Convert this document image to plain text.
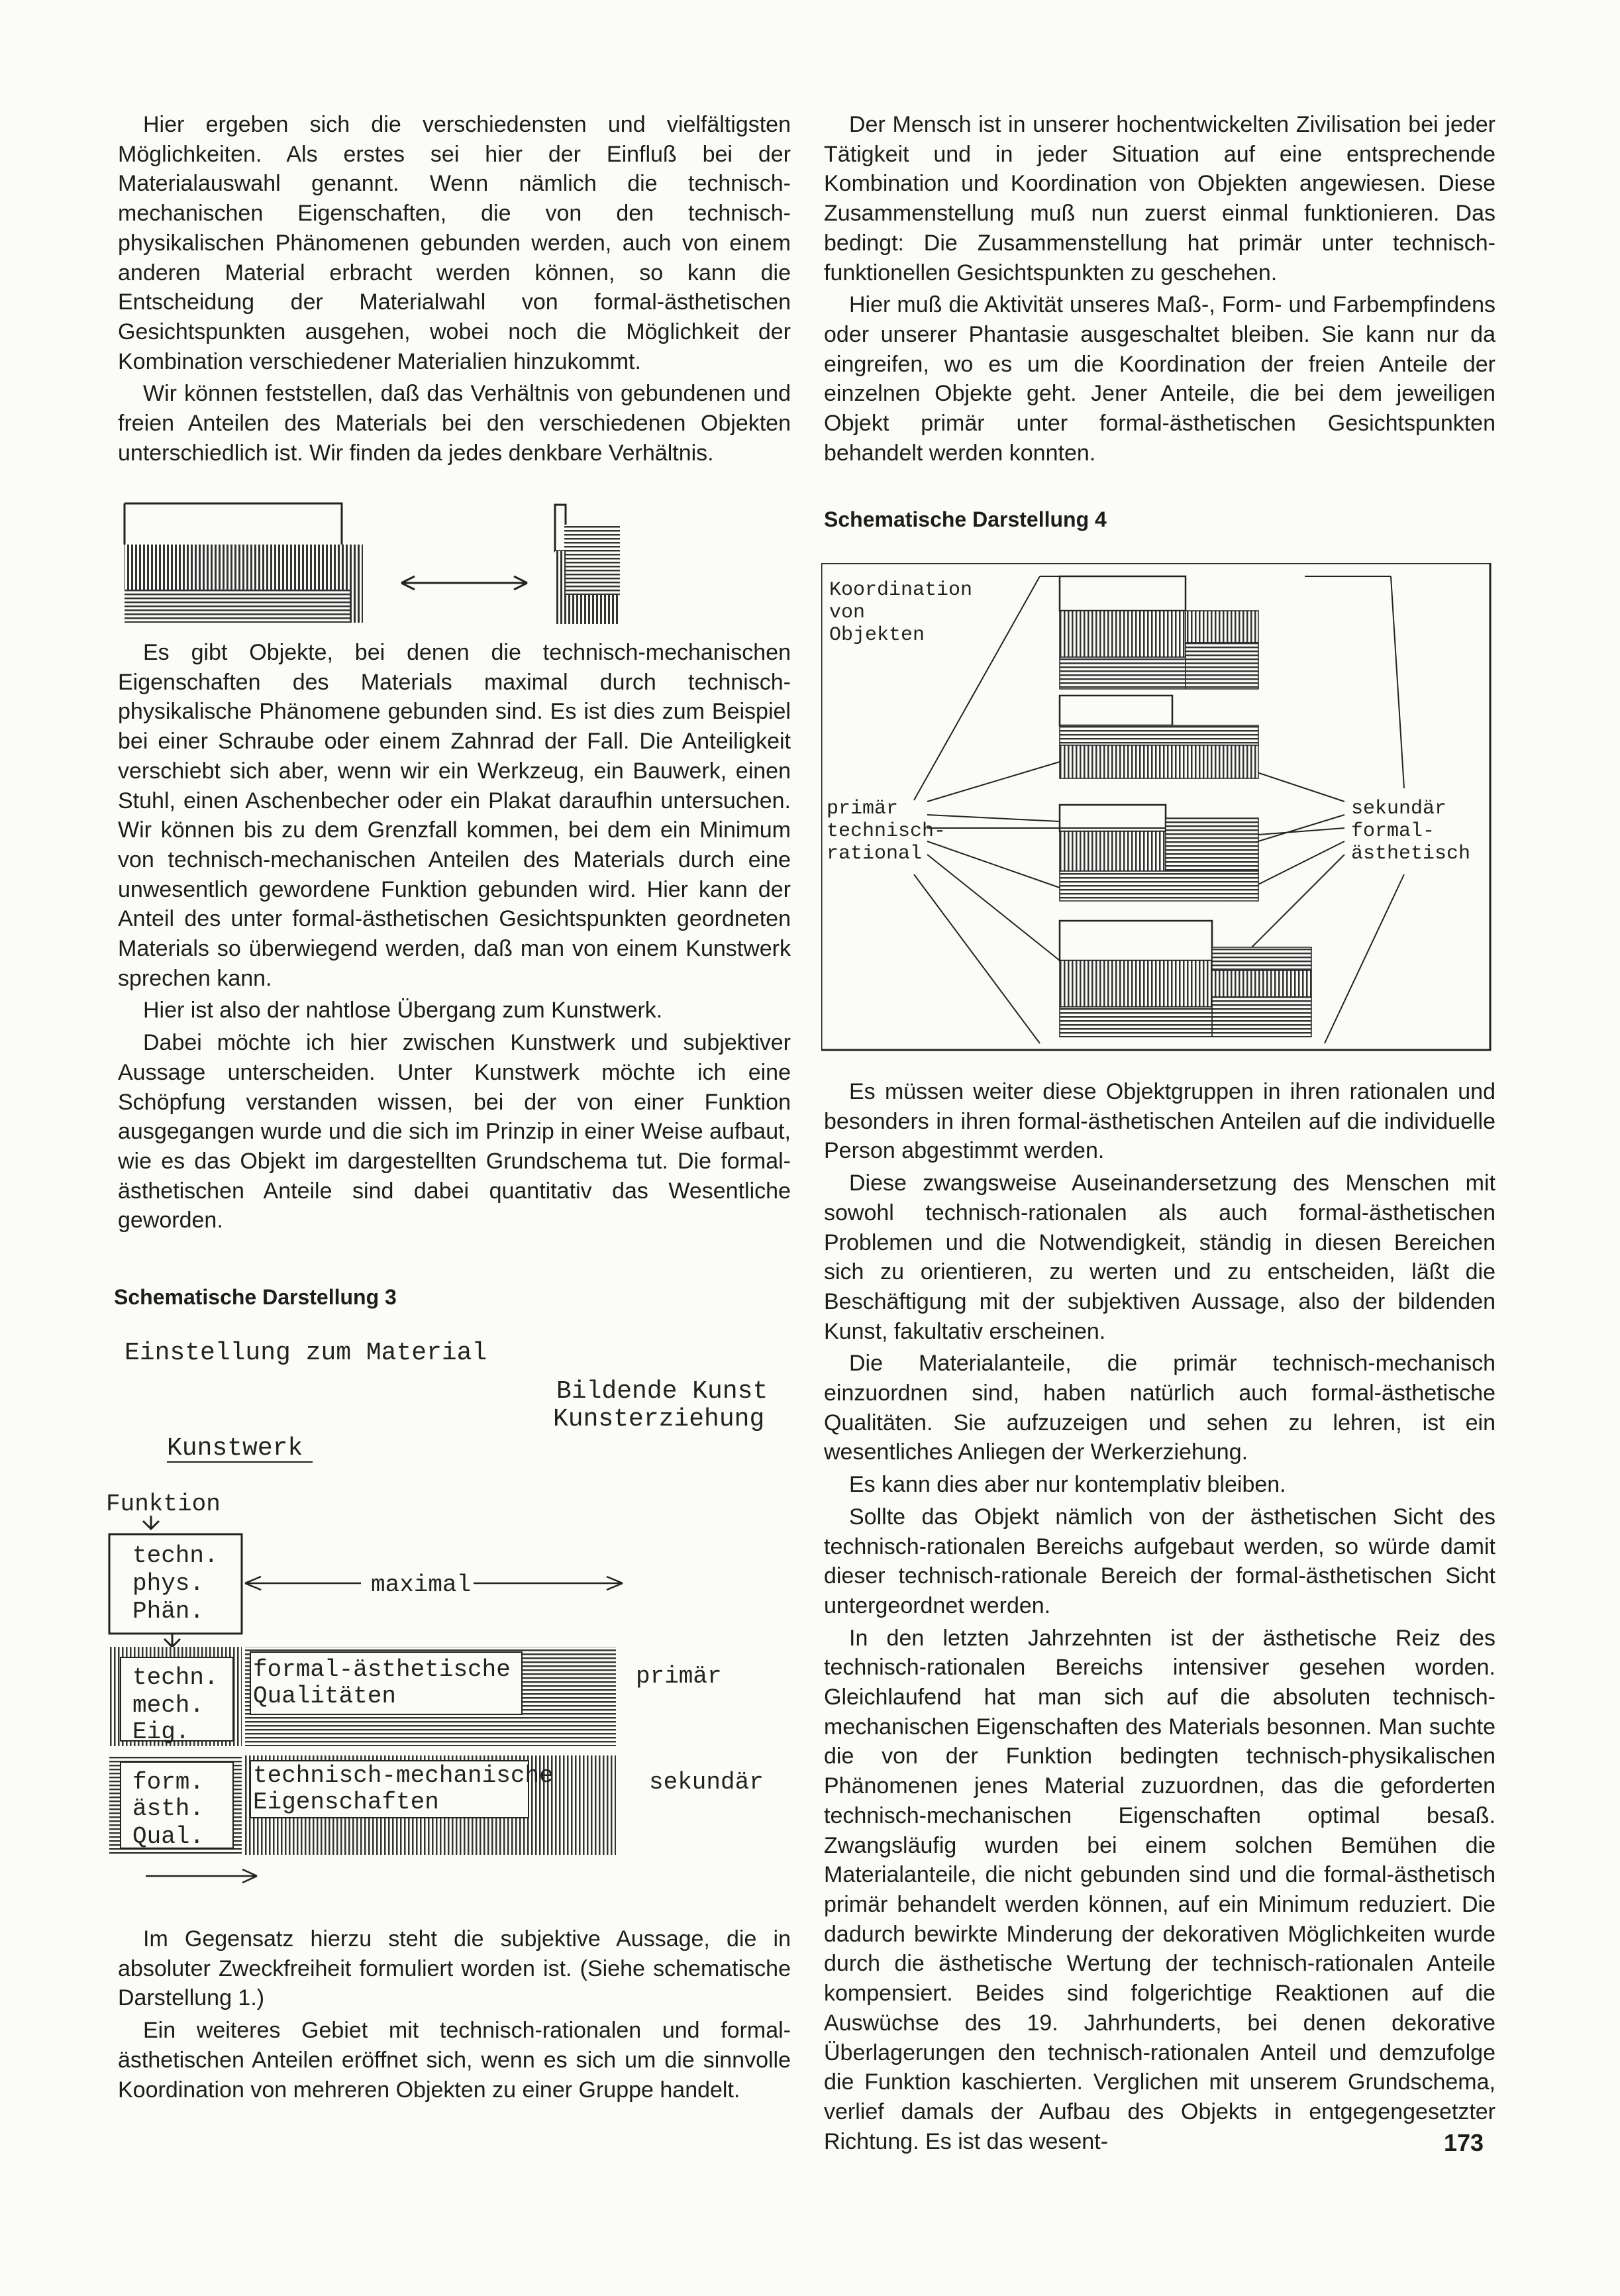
Hier ergeben sich die verschiedensten und vielfältigsten Möglichkeiten. Als erstes sei hier der Einfluß bei der Materialauswahl genannt. Wenn nämlich die technisch-mechanischen Eigenschaften, die von den technisch-physikalischen Phänomenen gebunden werden, auch von einem anderen Material erbracht werden können, so kann die Entscheidung der Materialwahl von formal-ästhetischen Gesichtspunkten ausgehen, wobei noch die Möglichkeit der Kombination verschiedener Materialien hinzukommt.

Wir können feststellen, daß das Verhältnis von gebundenen und freien Anteilen des Materials bei den verschiedenen Objekten unterschiedlich ist. Wir finden da jedes denkbare Verhältnis.

Es gibt Objekte, bei denen die technisch-mechanischen Eigenschaften des Materials maximal durch technisch-physikalische Phänomene gebunden sind. Es ist dies zum Beispiel bei einer Schraube oder einem Zahnrad der Fall. Die Anteiligkeit verschiebt sich aber, wenn wir ein Werkzeug, ein Bauwerk, einen Stuhl, einen Aschenbecher oder ein Plakat daraufhin untersuchen. Wir können bis zu dem Grenzfall kommen, bei dem ein Minimum von technisch-mechanischen Anteilen des Materials durch eine unwesentlich gewordene Funktion gebunden wird. Hier kann der Anteil des unter formal-ästhetischen Gesichtspunkten geordneten Materials so überwiegend werden, daß man von einem Kunstwerk sprechen kann.

Hier ist also der nahtlose Übergang zum Kunstwerk.

Dabei möchte ich hier zwischen Kunstwerk und subjektiver Aussage unterscheiden. Unter Kunstwerk möchte ich eine Schöpfung verstanden wissen, bei der von einer Funktion ausgegangen wurde und die sich im Prinzip in einer Weise aufbaut, wie es das Objekt im dargestellten Grundschema tut. Die formal-ästhetischen Anteile sind dabei quantitativ das Wesentliche geworden.

Schematische Darstellung 3
Einstellung zum Material
Bildende Kunst
Kunsterziehung
Kunstwerk
Funktion
techn.
phys.
Phän.
maximal
techn.
mech.
Eig.
formal-ästhetische
Qualitäten
primär
form.
ästh.
Qual.
technisch-mechanische
Eigenschaften
sekundär

Im Gegensatz hierzu steht die subjektive Aussage, die in absoluter Zweckfreiheit formuliert worden ist. (Siehe schematische Darstellung 1.)

Ein weiteres Gebiet mit technisch-rationalen und formal-ästhetischen Anteilen eröffnet sich, wenn es sich um die sinnvolle Koordination von mehreren Objekten zu einer Gruppe handelt.

Der Mensch ist in unserer hochentwickelten Zivilisation bei jeder Tätigkeit und in jeder Situation auf eine entsprechende Kombination und Koordination von Objekten angewiesen. Diese Zusammenstellung muß nun zuerst einmal funktionieren. Das bedingt: Die Zusammenstellung hat primär unter technisch-funktionellen Gesichtspunkten zu geschehen.

Hier muß die Aktivität unseres Maß-, Form- und Farbempfindens oder unserer Phantasie ausgeschaltet bleiben. Sie kann nur da eingreifen, wo es um die Koordination der freien Anteile der einzelnen Objekte geht. Jener Anteile, die bei dem jeweiligen Objekt primär unter formal-ästhetischen Gesichtspunkten behandelt werden konnten.

Schematische Darstellung 4
Koordination
von
Objekten
primär
technisch-
rational
sekundär
formal-
ästhetisch

Es müssen weiter diese Objektgruppen in ihren rationalen und besonders in ihren formal-ästhetischen Anteilen auf die individuelle Person abgestimmt werden.

Diese zwangsweise Auseinandersetzung des Menschen mit sowohl technisch-rationalen als auch formal-ästhetischen Problemen und die Notwendigkeit, ständig in diesen Bereichen sich zu orientieren, zu werten und zu entscheiden, läßt die Beschäftigung mit der subjektiven Aussage, also der bildenden Kunst, fakultativ erscheinen.

Die Materialanteile, die primär technisch-mechanisch einzuordnen sind, haben natürlich auch formal-ästhetische Qualitäten. Sie aufzuzeigen und sehen zu lehren, ist ein wesentliches Anliegen der Werkerziehung.

Es kann dies aber nur kontemplativ bleiben.

Sollte das Objekt nämlich von der ästhetischen Sicht des technisch-rationalen Bereichs aufgebaut werden, so würde damit dieser technisch-rationale Bereich der formal-ästhetischen Sicht untergeordnet werden.

In den letzten Jahrzehnten ist der ästhetische Reiz des technisch-rationalen Bereichs intensiver gesehen worden. Gleichlaufend hat man sich auf die absoluten technisch-mechanischen Eigenschaften des Materials besonnen. Man suchte die von der Funktion bedingten technisch-physikalischen Phänomenen jenes Material zuzuordnen, das die geforderten technisch-mechanischen Eigenschaften optimal besaß. Zwangsläufig wurden bei einem solchen Bemühen die Materialanteile, die nicht gebunden sind und die formal-ästhetisch primär behandelt werden können, auf ein Minimum reduziert. Die dadurch bewirkte Minderung der dekorativen Möglichkeiten wurde durch die ästhetische Wertung der technisch-rationalen Anteile kompensiert. Beides sind folgerichtige Reaktionen auf die Auswüchse des 19. Jahrhunderts, bei denen dekorative Überlagerungen den technisch-rationalen Anteil und demzufolge die Funktion kaschierten. Verglichen mit unserem Grundschema, verlief damals der Aufbau des Objekts in entgegengesetzter Richtung. Es ist das wesent-	173
